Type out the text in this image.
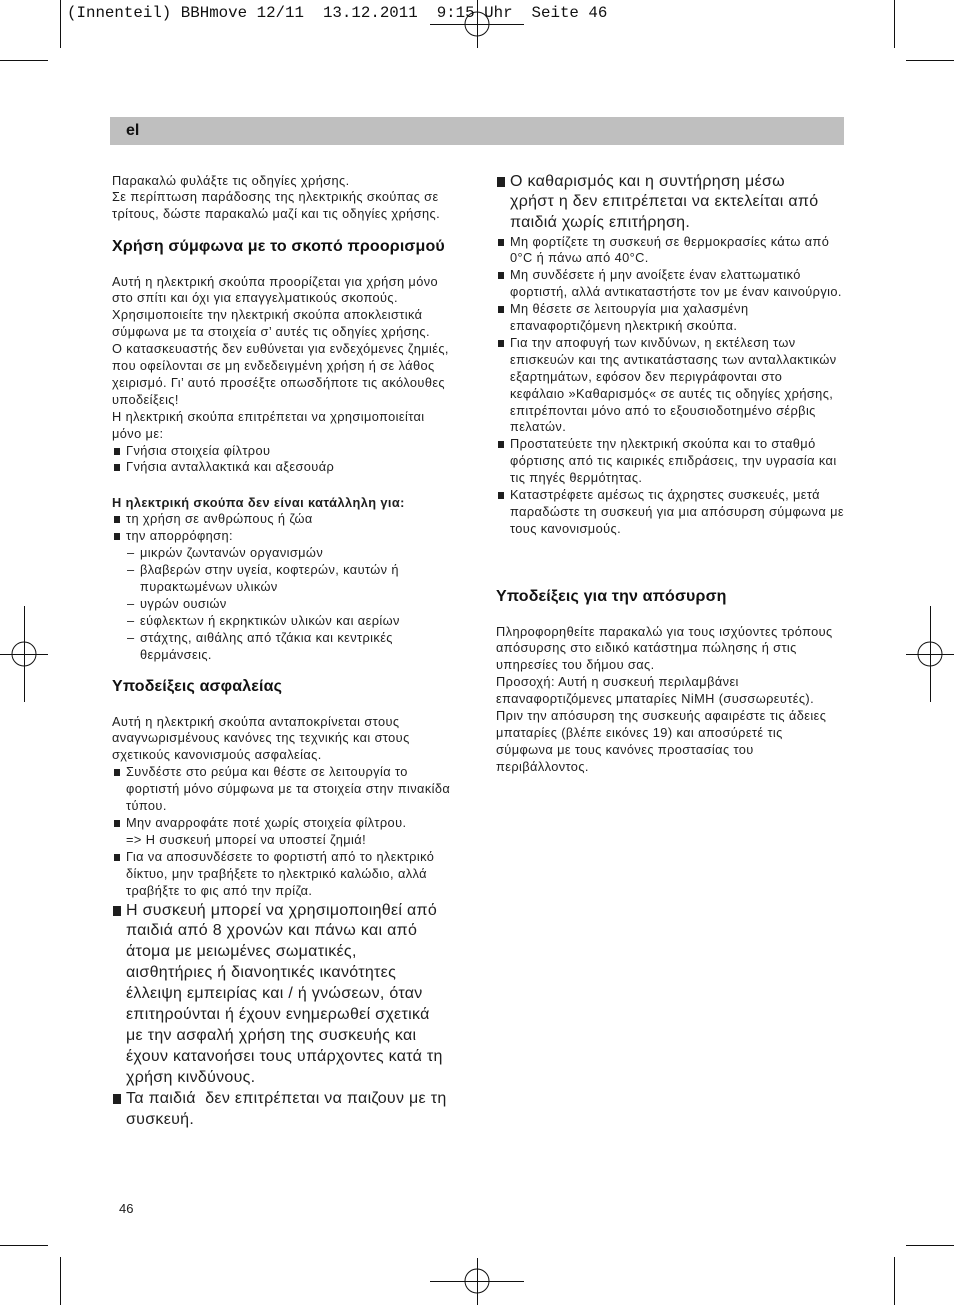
(Innenteil) BBHmove 12/11  13.12.2011  9:15 Uhr  Seite 46
el
Παρακαλώ φυλάξτε τις οδηγίες χρήσης.
Σε περίπτωση παράδοσης της ηλεκτρικής σκούπας σε
τρίτους, δώστε παρακαλώ μαζί και τις οδηγίες χρήσης.
Χρήση σύμφωνα με το σκοπό προορισμού
Αυτή η ηλεκτρική σκούπα προορίζεται για χρήση μόνο
στο σπίτι και όχι για επαγγελματικούς σκοπούς.
Χρησιμοποιείτε την ηλεκτρική σκούπα αποκλειστικά
σύμφωνα με τα στοιχεία σ’ αυτές τις οδηγίες χρήσης.
Ο κατασκευαστής δεν ευθύνεται για ενδεχόμενες ζημιές,
που οφείλονται σε μη ενδεδειγμένη χρήση ή σε λάθος
χειρισμό. Γι’ αυτό προσέξτε οπωσδήποτε τις ακόλουθες
υποδείξεις!
Η ηλεκτρική σκούπα επιτρέπεται να χρησιμοποιείται
μόνο με:
Γνήσια στοιχεία φίλτρου
Γνήσια ανταλλακτικά και αξεσουάρ
Η ηλεκτρική σκούπα δεν είναι κατάλληλη για:
τη χρήση σε ανθρώπους ή ζώα
την απορρόφηση:
– μικρών ζωντανών οργανισμών
– βλαβερών στην υγεία, κοφτερών, καυτών ή
πυρακτωμένων υλικών
– υγρών ουσιών
– εύφλεκτων ή εκρηκτικών υλικών και αερίων
– στάχτης, αιθάλης από τζάκια και κεντρικές
θερμάνσεις.
Υποδείξεις ασφαλείας
Αυτή η ηλεκτρική σκούπα ανταποκρίνεται στους
αναγνωρισμένους κανόνες της τεχνικής και στους
σχετικούς κανονισμούς ασφαλείας.
Συνδέστε στο ρεύμα και θέστε σε λειτουργία το
φορτιστή μόνο σύμφωνα με τα στοιχεία στην πινακίδα
τύπου.
Μην αναρροφάτε ποτέ χωρίς στοιχεία φίλτρου.
=> Η συσκευή μπορεί να υποστεί ζημιά!
Για να αποσυνδέσετε το φορτιστή από το ηλεκτρικό
δίκτυο, μην τραβήξετε το ηλεκτρικό καλώδιο, αλλά
τραβήξτε το φις από την πρίζα.
Η συσκευή μπορεί να χρησιμοποιηθεί από
παιδιά από 8 χρονών και πάνω και από
άτομα με μειωμένες σωματικές,
αισθητήριες ή διανοητικές ικανότητες
έλλειψη εμπειρίας και / ή γνώσεων, όταν
επιτηρούνται ή έχουν ενημερωθεί σχετικά
με την ασφαλή χρήση της συσκευής και
έχουν κατανοήσει τους υπάρχοντες κατά τη
χρήση κινδύνους.
Τα παιδιά  δεν επιτρέπεται να παιζουν με τη
συσκευή.
Ο καθαρισμός και η συντήρηση μέσω
χρήστ η δεν επιτρέπεται να εκτελείται από
παιδιά χωρίς επιτήρηση.
Μη φορτίζετε τη συσκευή σε θερμοκρασίες κάτω από
0°C ή πάνω από 40°C.
Μη συνδέσετε ή μην ανοίξετε έναν ελαττωματικό
φορτιστή, αλλά αντικαταστήστε τον με έναν καινούργιο.
Μη θέσετε σε λειτουργία μια χαλασμένη
επαναφορτιζόμενη ηλεκτρική σκούπα.
Για την αποφυγή των κινδύνων, η εκτέλεση των
επισκευών και της αντικατάστασης των ανταλλακτικών
εξαρτημάτων, εφόσον δεν περιγράφονται στο
κεφάλαιο »Καθαρισμός« σε αυτές τις οδηγίες χρήσης,
επιτρέπονται μόνο από το εξουσιοδοτημένο σέρβις
πελατών.
Προστατεύετε την ηλεκτρική σκούπα και το σταθμό
φόρτισης από τις καιρικές επιδράσεις, την υγρασία και
τις πηγές θερμότητας.
Καταστρέφετε αμέσως τις άχρηστες συσκευές, μετά
παραδώστε τη συσκευή για μια απόσυρση σύμφωνα με
τους κανονισμούς.
Υποδείξεις για την απόσυρση
Πληροφορηθείτε παρακαλώ για τους ισχύοντες τρόπους
απόσυρσης στο ειδικό κατάστημα πώλησης ή στις
υπηρεσίες του δήμου σας.
Προσοχή: Αυτή η συσκευή περιλαμβάνει
επαναφορτιζόμενες μπαταρίες NiMH (συσσωρευτές).
Πριν την απόσυρση της συσκευής αφαιρέστε τις άδειες
μπαταρίες (βλέπε εικόνες 19) και αποσύρετέ τις
σύμφωνα με τους κανόνες προστασίας του
περιβάλλοντος.
46
